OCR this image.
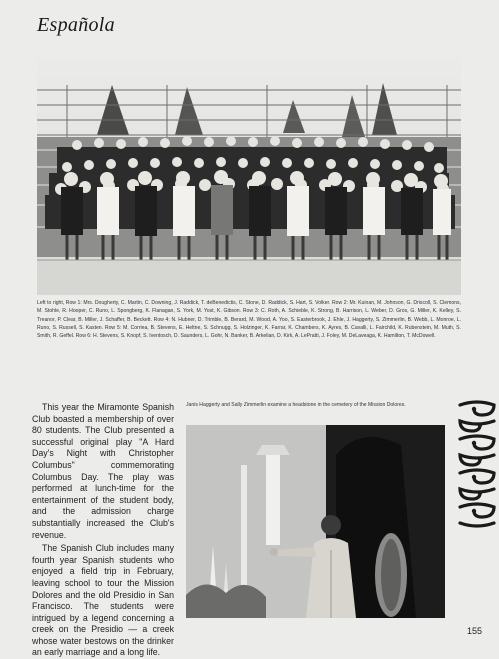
Española
Left to right, Row 1: Mrs. Dougherty, C. Martin, C. Downing, J. Raddick, T. deBenedictis, C. Stone, D. Raddick, S. Hart, S. Volker. Row 2: Mr. Kuinan, M. Johnson, G. Driscoll, S. Clemons, M. Stohle, R. Hooper, C. Runo, L. Spongberg, K. Flanagan, S. York, M. Yost, K. Gibson. Row 3: C. Roth, A. Schieble, K. Strong, B. Harrison, L. Weber, D. Gros, G. Miller, K. Kelley, S. Treanor, P. Clear, B. Miller, J. Schaffer, B. Beckett. Row 4: N. Hubner, D. Trimble, B. Berard, M. Wood, A. Yoo, S. Easterbrook, J. Ehle, J. Haggerty, S. Zimmerlin, B. Webb, L. Monroe, L. Runo, S. Russell, S. Kasten. Row 5: M. Corriea, B. Stevens, E. Heltne, S. Schnugg, S. Holzinger, K. Farrar, K. Chambers, K. Ayres, B. Cavalli, L. Fairchild, K. Rubenstein, M. Muth, S. Smith, R. Geffel. Row 6: H. Stevens, S. Knopf, S. Iventosch, D. Saunders, L. Gohr, N. Banker, B. Arkelian, D. Kirk, A. LePratti, J. Foley, M. DeLaveaga, K. Hamilton, T. McDowell.

This year the Miramonte Spanish Club boasted a membership of over 80 students. The Club presented a successful original play "A Hard Day's Night with Christopher Columbus" commemorating Columbus Day. The play was performed at lunch-time for the entertainment of the student body, and the admission charge substantially increased the Club's revenue.

The Spanish Club includes many fourth year Spanish students who enjoyed a field trip in February, leaving school to tour the Mission Dolores and the old Presidio in San Francisco. The students were intrigued by a legend concerning a creek on the Presidio — a creek whose water bestows on the drinker an early marriage and a long life.

Janis Haggerty and Sally Zimmerlin examine a headstone in the cemetery of the Mission Dolores.
155
